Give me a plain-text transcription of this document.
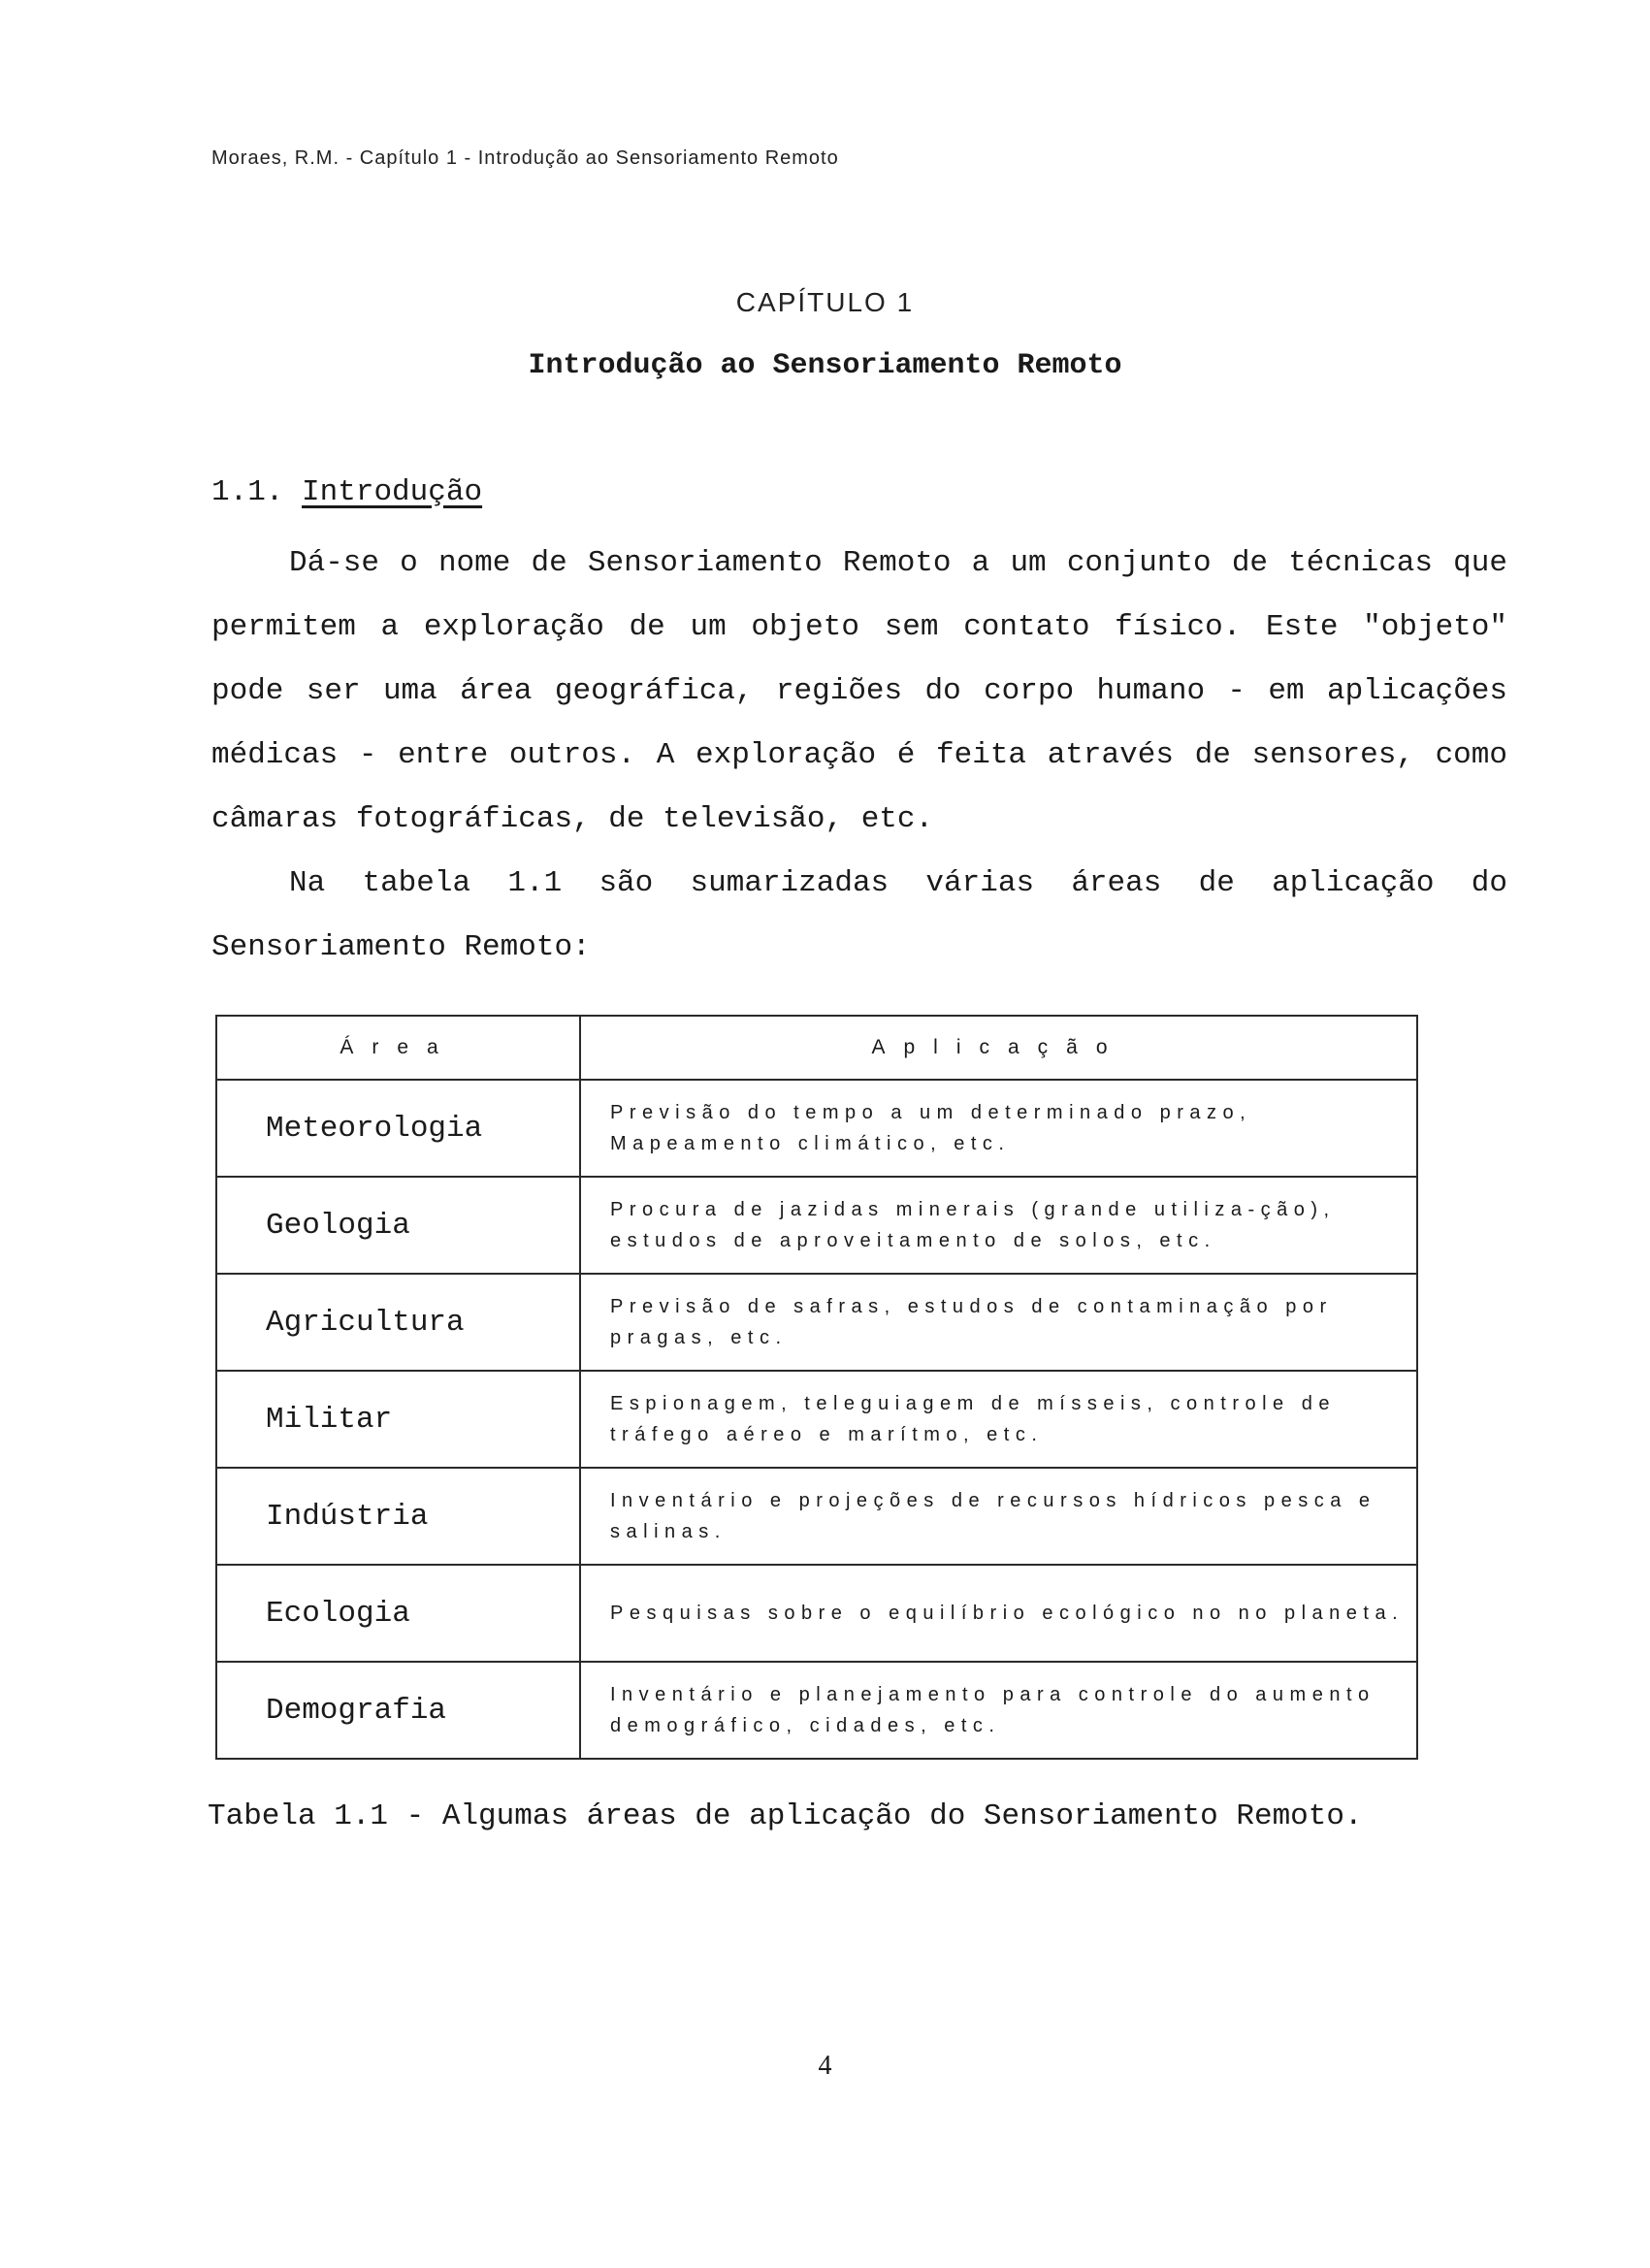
Moraes, R.M. - Capítulo 1 - Introdução ao Sensoriamento Remoto
CAPÍTULO 1
Introdução ao Sensoriamento Remoto
1.1. Introdução

Dá-se o nome de Sensoriamento Remoto a um conjunto de técnicas que permitem a exploração de um objeto sem contato físico. Este "objeto" pode ser uma área geográfica, regiões do corpo humano - em aplicações médicas - entre outros. A exploração é feita através de sensores, como câmaras fotográficas, de televisão, etc.

Na tabela 1.1 são sumarizadas várias áreas de aplicação do Sensoriamento Remoto:

Área	Aplicação
Meteorologia	Previsão do tempo a um determinado prazo, Mapeamento climático, etc.
Geologia	Procura de jazidas minerais (grande utiliza-ção), estudos de aproveitamento de solos, etc.
Agricultura	Previsão de safras, estudos de contaminação por pragas, etc.
Militar	Espionagem, teleguiagem de mísseis, controle de tráfego aéreo e marítmo, etc.
Indústria	Inventário e projeções de recursos hídricos pesca e salinas.
Ecologia	Pesquisas sobre o equilíbrio ecológico no no planeta.
Demografia	Inventário e planejamento para controle do aumento demográfico, cidades, etc.
Tabela 1.1 - Algumas áreas de aplicação do Sensoriamento Remoto.
4
